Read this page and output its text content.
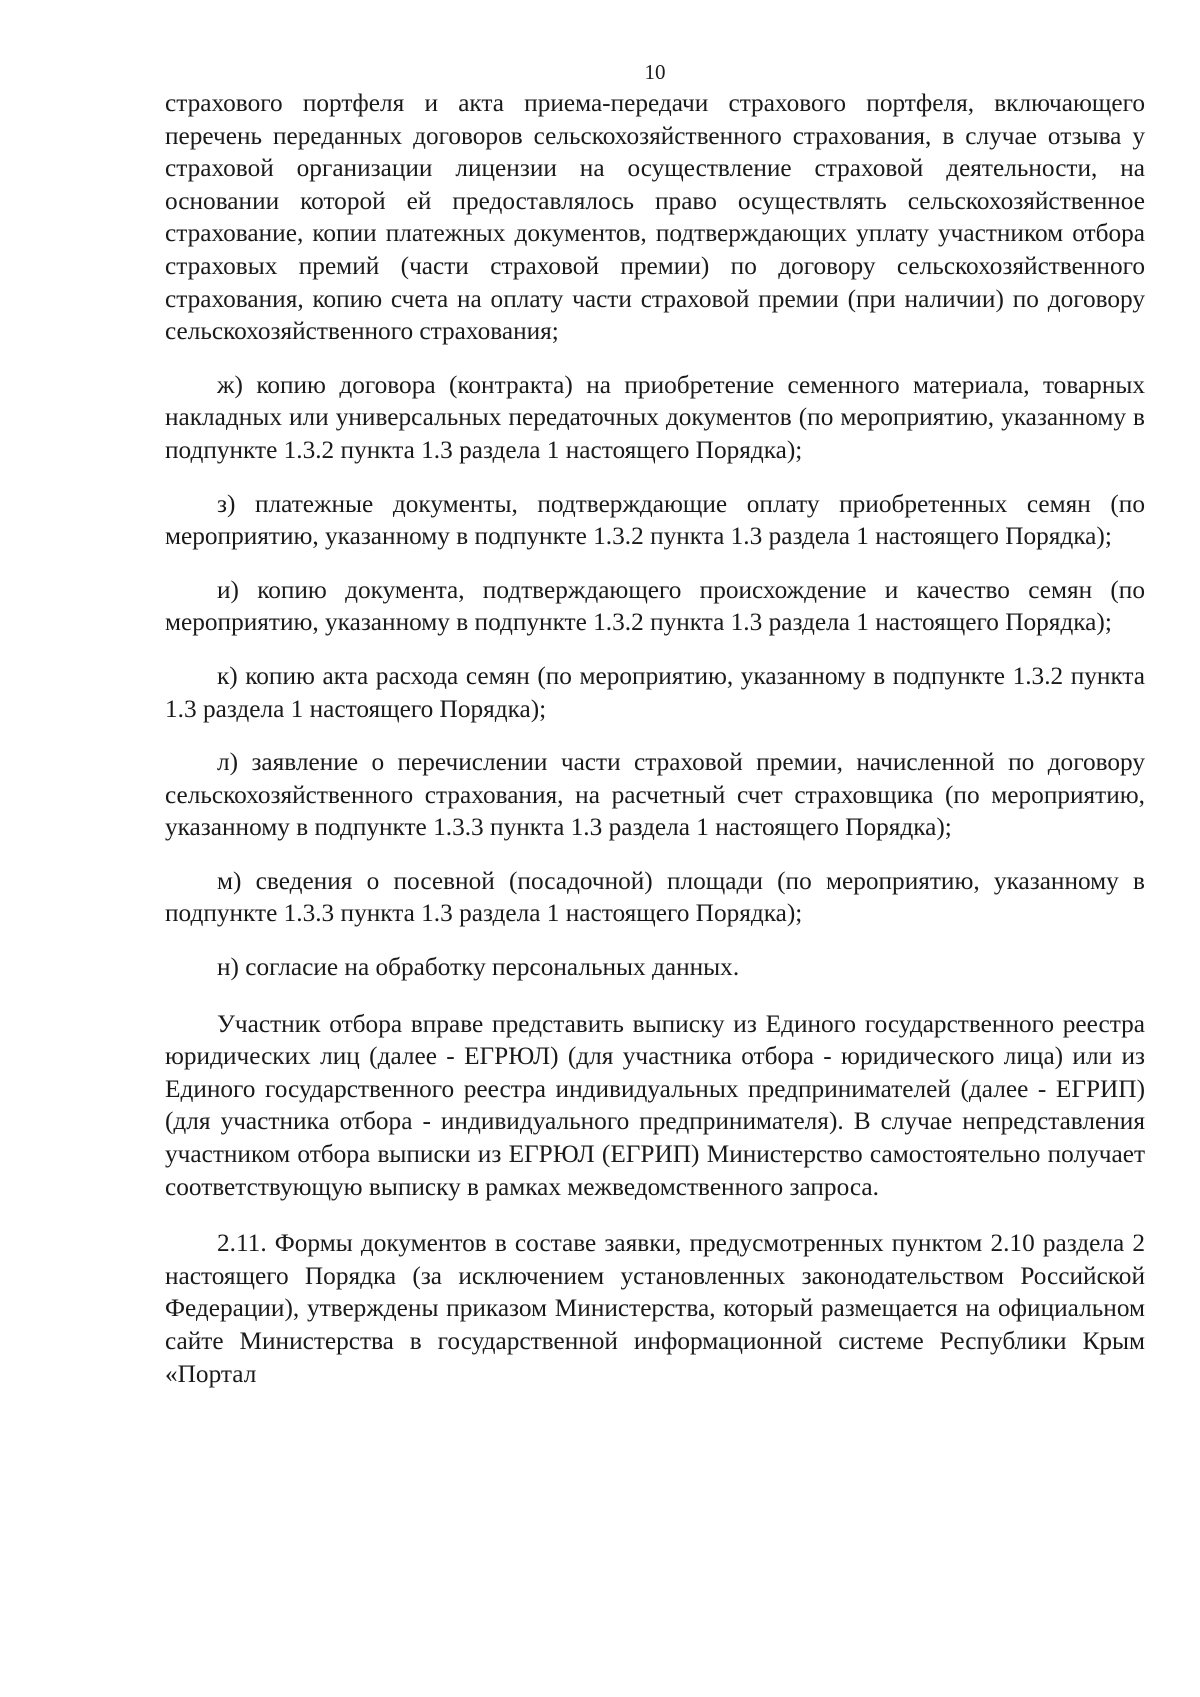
10

страхового портфеля и акта приема-передачи страхового портфеля, включающего перечень переданных договоров сельскохозяйственного страхования, в случае отзыва у страховой организации лицензии на осуществление страховой деятельности, на основании которой ей предоставлялось право осуществлять сельскохозяйственное страхование, копии платежных документов, подтверждающих уплату участником отбора страховых премий (части страховой премии) по договору сельскохозяйственного страхования, копию счета на оплату части страховой премии (при наличии) по договору сельскохозяйственного страхования;

ж) копию договора (контракта) на приобретение семенного материала, товарных накладных или универсальных передаточных документов (по мероприятию, указанному в подпункте 1.3.2 пункта 1.3 раздела 1 настоящего Порядка);

з) платежные документы, подтверждающие оплату приобретенных семян (по мероприятию, указанному в подпункте 1.3.2 пункта 1.3 раздела 1 настоящего Порядка);

и) копию документа, подтверждающего происхождение и качество семян (по мероприятию, указанному в подпункте 1.3.2 пункта 1.3 раздела 1 настоящего Порядка);

к) копию акта расхода семян (по мероприятию, указанному в подпункте 1.3.2 пункта 1.3 раздела 1 настоящего Порядка);

л) заявление о перечислении части страховой премии, начисленной по договору сельскохозяйственного страхования, на расчетный счет страховщика (по мероприятию, указанному в подпункте 1.3.3 пункта 1.3 раздела 1 настоящего Порядка);

м) сведения о посевной (посадочной) площади (по мероприятию, указанному в подпункте 1.3.3 пункта 1.3 раздела 1 настоящего Порядка);

н) согласие на обработку персональных данных.

Участник отбора вправе представить выписку из Единого государственного реестра юридических лиц (далее - ЕГРЮЛ) (для участника отбора - юридического лица) или из Единого государственного реестра индивидуальных предпринимателей (далее - ЕГРИП) (для участника отбора - индивидуального предпринимателя). В случае непредставления участником отбора выписки из ЕГРЮЛ (ЕГРИП) Министерство самостоятельно получает соответствующую выписку в рамках межведомственного запроса.

2.11. Формы документов в составе заявки, предусмотренных пунктом 2.10 раздела 2 настоящего Порядка (за исключением установленных законодательством Российской Федерации), утверждены приказом Министерства, который размещается на официальном сайте Министерства в государственной информационной системе Республики Крым «Портал
